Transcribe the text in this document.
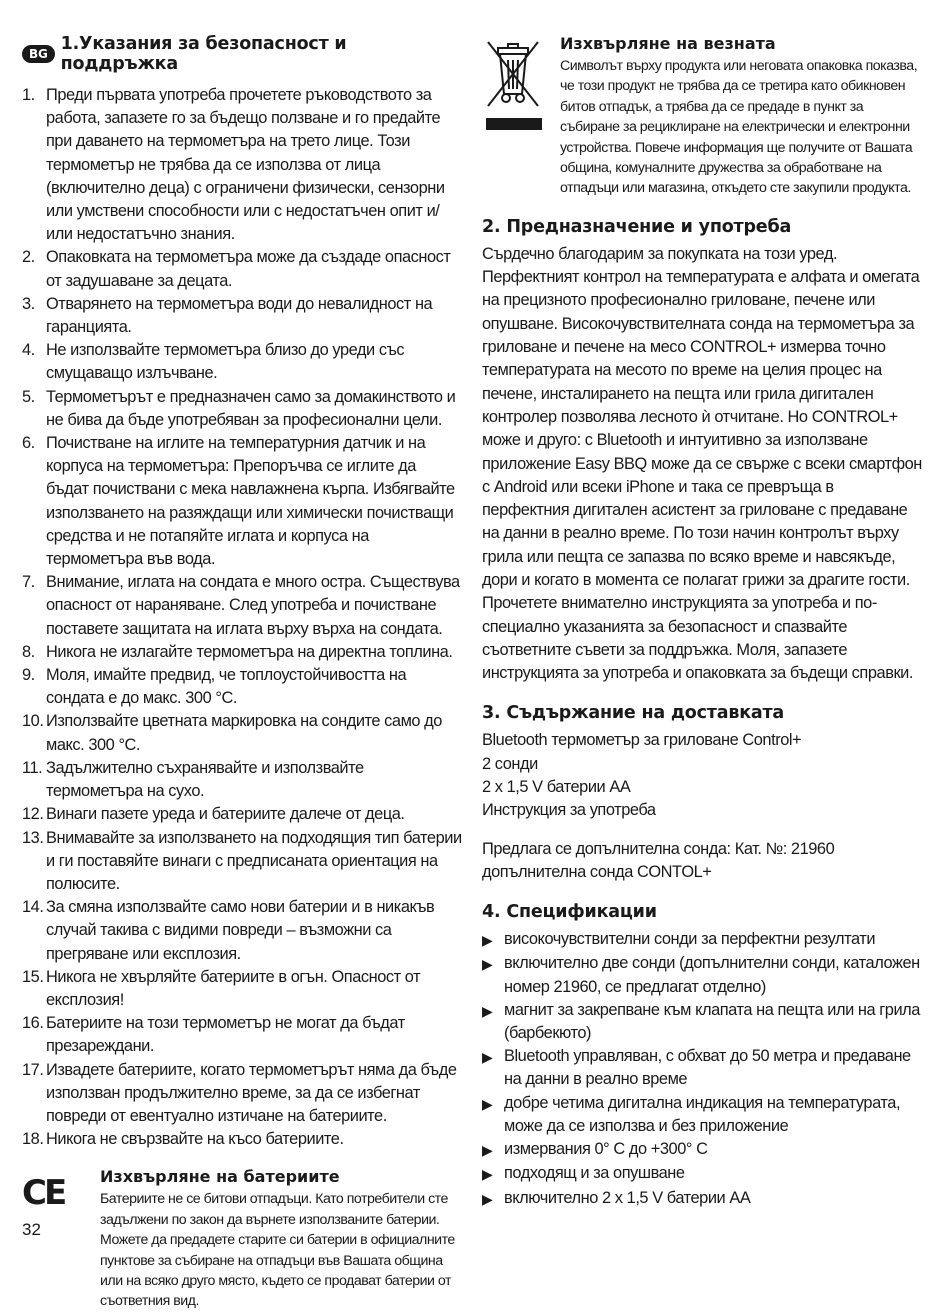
BG 1.Указания за безопасност и поддръжка
1. Преди първата употреба прочетете ръководството за работа, запазете го за бъдещо ползване и го предайте при даването на термометъра на трето лице. Този термометър не трябва да се използва от лица (включително деца) с ограничени физически, сензорни или умствени способности или с недостатъчен опит и/или недостатъчно знания.
2. Опаковката на термометъра може да създаде опасност от задушаване за децата.
3. Отварянето на термометъра води до невалидност на гаранцията.
4. Не използвайте термометъра близо до уреди със смущаващо излъчване.
5. Термометърът е предназначен само за домакинството и не бива да бъде употребяван за професионални цели.
6. Почистване на иглите на температурния датчик и на корпуса на термометъра: Препоръчва се иглите да бъдат почиствани с мека навлажнена кърпа. Избягвайте използването на разяждащи или химически почистващи средства и не потапяйте иглата и корпуса на термометъра във вода.
7. Внимание, иглата на сондата е много остра. Съществува опасност от нараняване. След употреба и почистване поставете защитата на иглата върху върха на сондата.
8. Никога не излагайте термометъра на директна топлина.
9. Моля, имайте предвид, че топлоустойчивостта на сондата е до макс. 300 °C.
10. Използвайте цветната маркировка на сондите само до макс. 300 °C.
11. Задължително съхранявайте и използвайте термометъра на сухо.
12. Винаги пазете уреда и батериите далече от деца.
13. Внимавайте за използването на подходящия тип батерии и ги поставяйте винаги с предписаната ориентация на полюсите.
14. За смяна използвайте само нови батерии и в никакъв случай такива с видими повреди – възможни са прегряване или експлозия.
15. Никога не хвърляйте батериите в огън. Опасност от експлозия!
16. Батериите на този термометър не могат да бъдат презареждани.
17. Извадете батериите, когато термометърът няма да бъде използван продължително време, за да се избегнат повреди от евентуално изтичане на батериите.
18. Никога не свързвайте на късо батериите.
CE	Изхвърляне на батериите
Батериите не се битови отпадъци. Като потребители сте задължени по закон да върнете използваните батерии. Можете да предадете старите си батерии в официалните пунктове за събиране на отпадъци във Вашата община или на всяко друго място, където се продават батерии от съответния вид.
Изхвърляне на везната
Символът върху продукта или неговата опаковка показва, че този продукт не трябва да се третира като обикновен битов отпадък, а трябва да се предаде в пункт за събиране за рециклиране на електрически и електронни устройства. Повече информация ще получите от Вашата община, комуналните дружества за обработване на отпадъци или магазина, откъдето сте закупили продукта.
2. Предназначение и употреба

Сърдечно благодарим за покупката на този уред. Перфектният контрол на температурата е алфата и омегата на прецизното професионално гриловане, печене или опушване. Високочувствителната сонда на термометъра за гриловане и печене на месо CONTROL+ измерва точно температурата на месото по време на целия процес на печене, инсталирането на пещта или грила дигитален контролер позволява лесното ѝ отчитане. Но CONTROL+ може и друго: с Bluetooth и интуитивно за използване приложение Easy BBQ може да се свърже с всеки смартфон с Android или всеки iPhone и така се превръща в перфектния дигитален асистент за гриловане с предаване на данни в реално време. По този начин контролът върху грила или пещта се запазва по всяко време и навсякъде, дори и когато в момента се полагат грижи за драгите гости. Прочетете внимателно инструкцията за употреба и по-специално указанията за безопасност и спазвайте съответните съвети за поддръжка. Моля, запазете инструкцията за употреба и опаковката за бъдещи справки.

3. Съдържание на доставката
Bluetooth термометър за гриловане Control+
2 сонди
2 x 1,5 V батерии AA
Инструкция за употреба
Предлага се допълнителна сонда: Кат. №: 21960
допълнителна сонда CONTOL+
4. Спецификации
▶ високочувствителни сонди за перфектни резултати
▶ включително две сонди (допълнителни сонди, каталожен номер 21960, се предлагат отделно)
▶ магнит за закрепване към клапата на пещта или на грила (барбекюто)
▶ Bluetooth управляван, с обхват до 50 метра и предаване на данни в реално време
▶ добре четима дигитална индикация на температурата, може да се използва и без приложение
▶ измервания 0° C до +300° C
▶ подходящ и за опушване
▶ включително 2 x 1,5 V батерии AA
32
